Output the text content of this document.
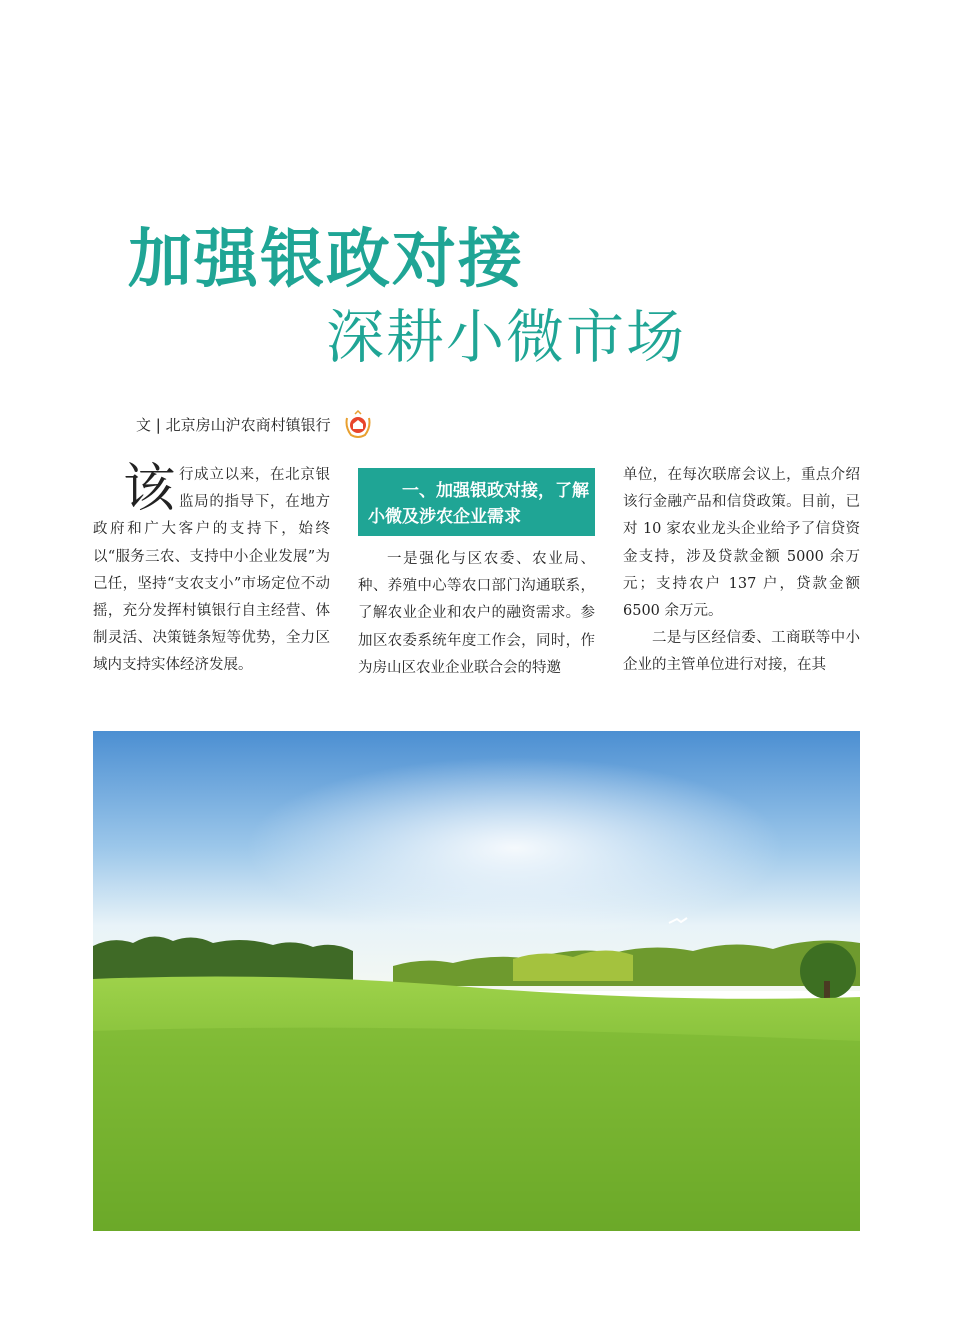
加强银政对接
深耕小微市场
文 | 北京房山沪农商村镇银行

该行成立以来，在北京银监局的指导下，在地方政府和广大客户的支持下，始终以“服务三农、支持中小企业发展”为己任，坚持“支农支小”市场定位不动摇，充分发挥村镇银行自主经营、体制灵活、决策链条短等优势，全力区域内支持实体经济发展。

一、加强银政对接，了解小微及涉农企业需求

一是强化与区农委、农业局、种、养殖中心等农口部门沟通联系，了解农业企业和农户的融资需求。参加区农委系统年度工作会，同时，作为房山区农业企业联合会的特邀

单位，在每次联席会议上，重点介绍该行金融产品和信贷政策。目前，已对 10 家农业龙头企业给予了信贷资金支持，涉及贷款金额 5000 余万元；支持农户 137 户，贷款金额 6500 余万元。

二是与区经信委、工商联等中小企业的主管单位进行对接，在其
